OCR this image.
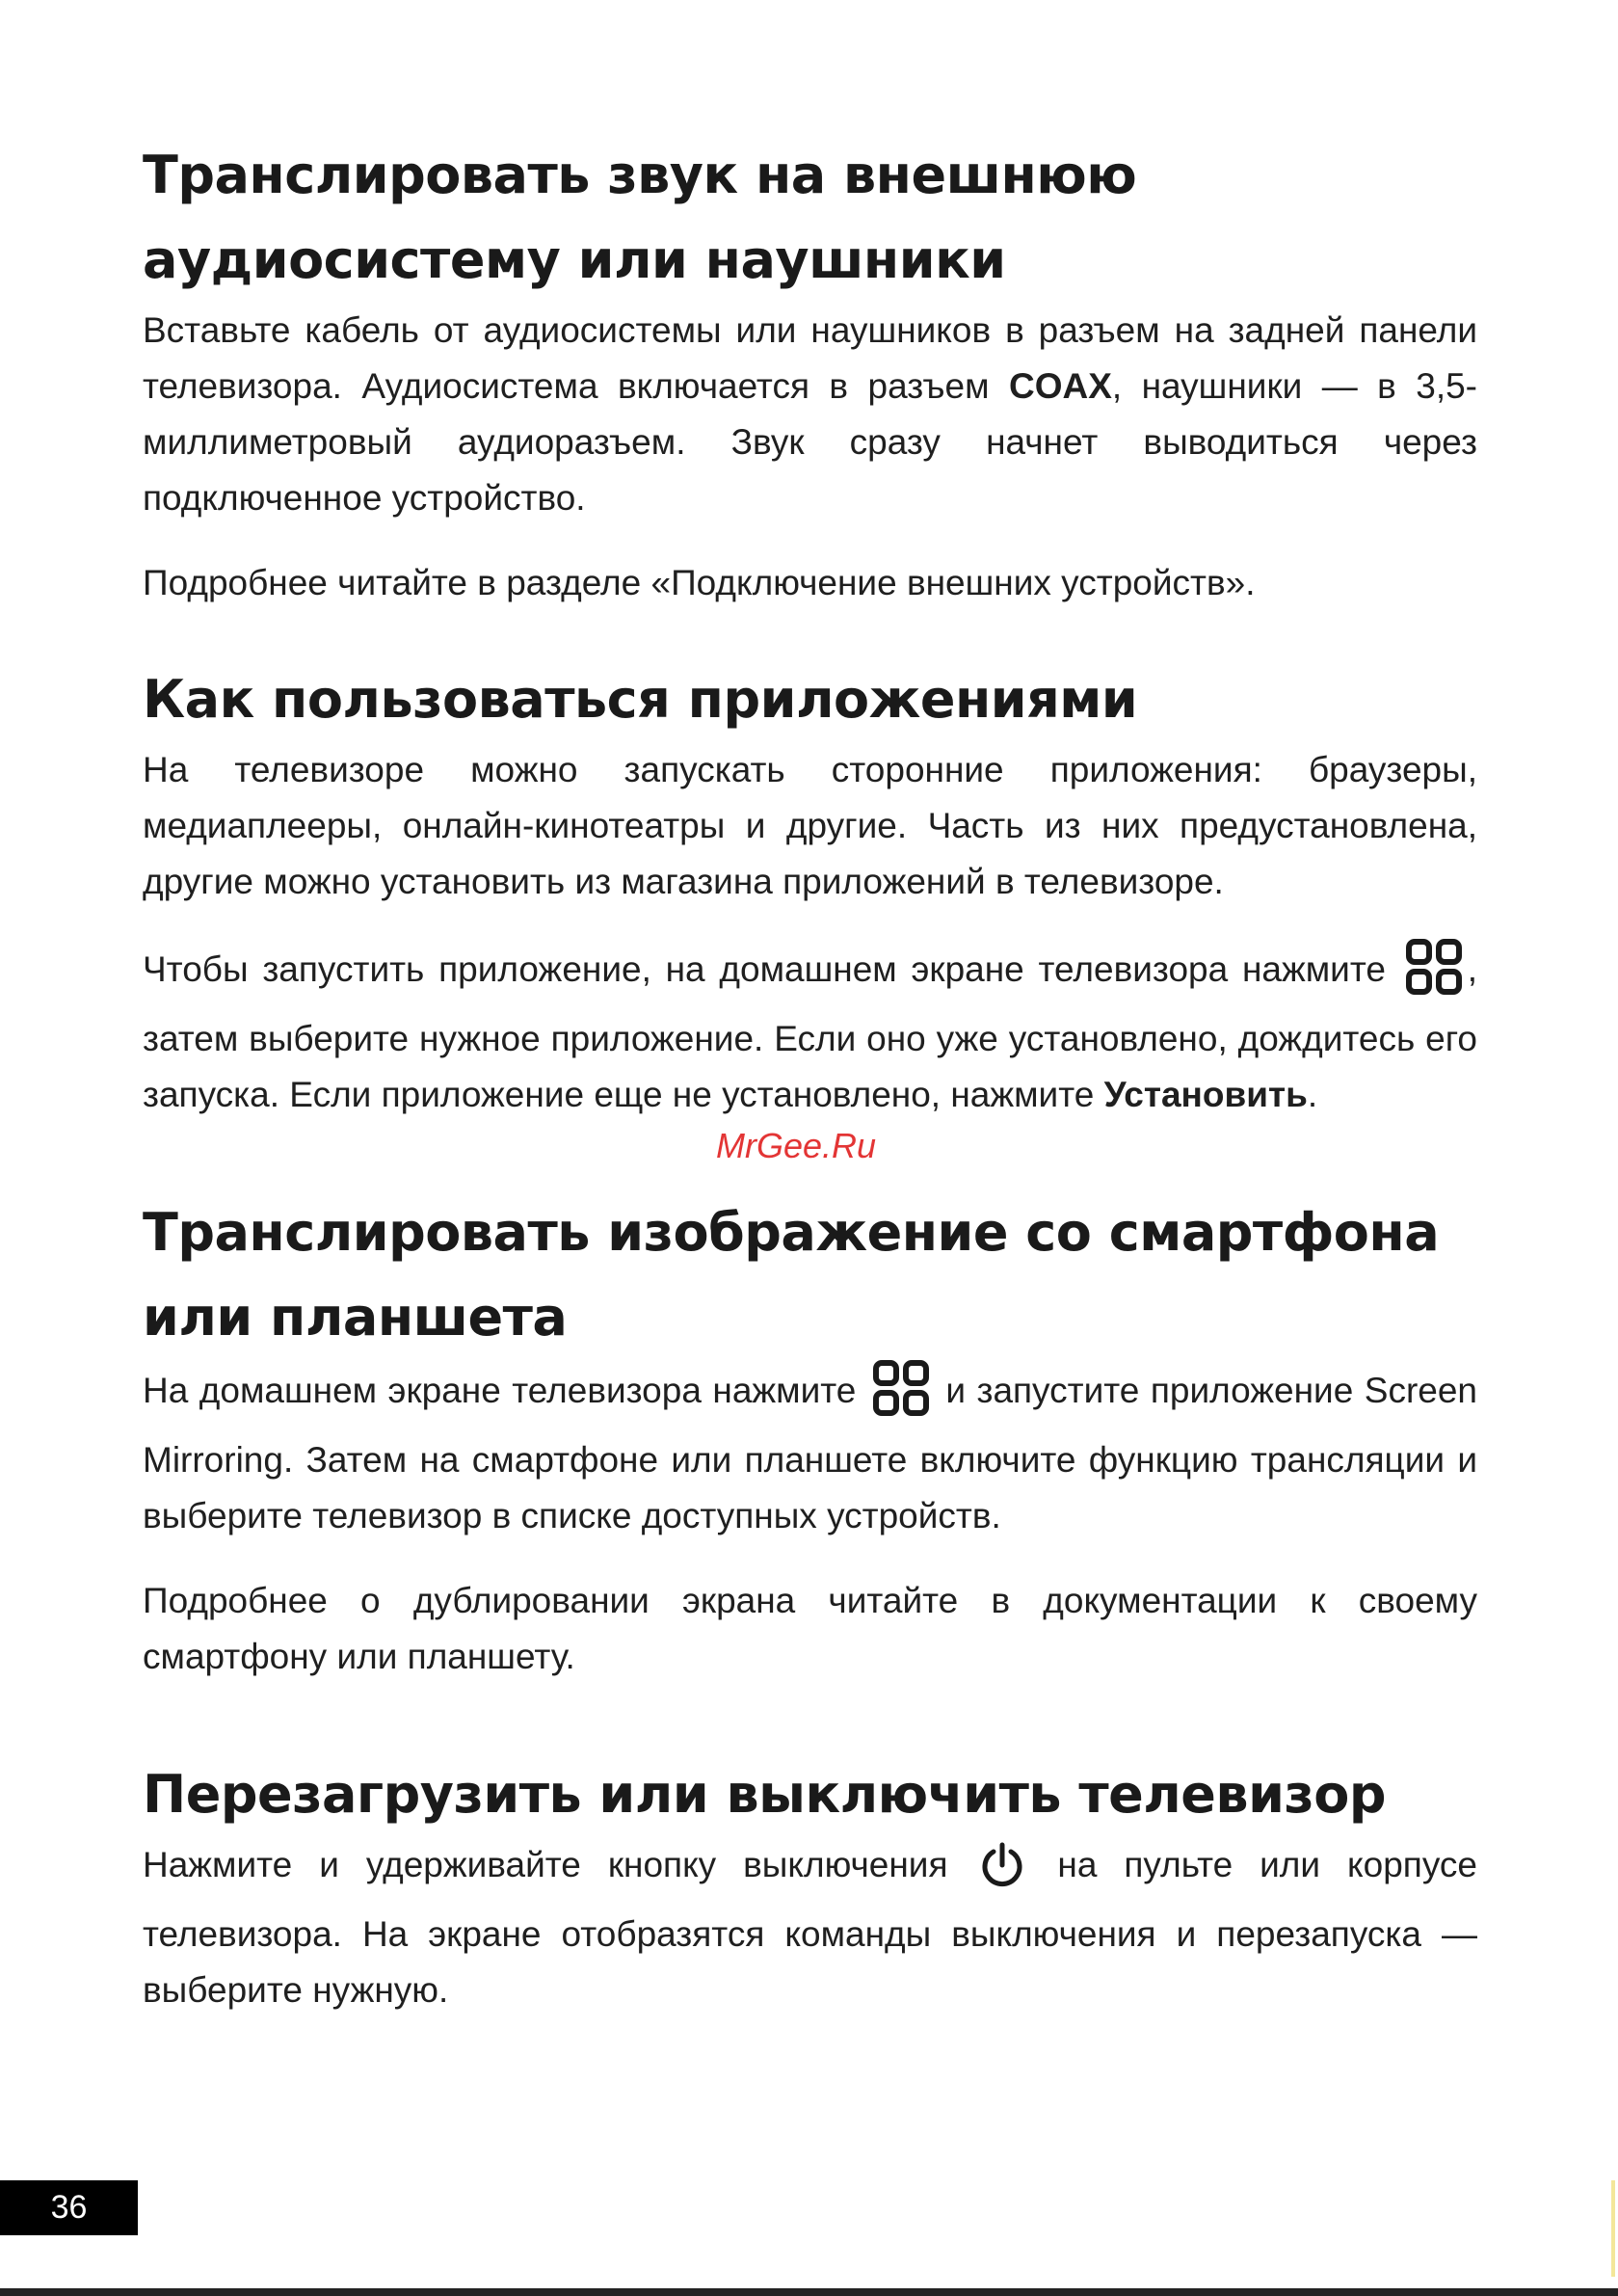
Транслировать звук на внешнюю аудиосистему или наушники

Вставьте кабель от аудиосистемы или наушников в разъем на задней панели телевизора. Аудиосистема включается в разъем COAX, наушники — в 3,5-миллиметровый аудиоразъем. Звук сразу начнет выводиться через подключенное устройство.

Подробнее читайте в разделе «Подключение внешних устройств».

Как пользоваться приложениями

На телевизоре можно запускать сторонние приложения: браузеры, медиаплееры, онлайн-кинотеатры и другие. Часть из них предустановлена, другие можно установить из магазина приложений в телевизоре.

Чтобы запустить приложение, на домашнем экране телевизора нажмите , затем выберите нужное приложение. Если оно уже установлено, дождитесь его запуска. Если приложение еще не установлено, нажмите Установить.

Транслировать изображение со смартфона или планшета

На домашнем экране телевизора нажмите  и запустите приложение Screen Mirroring. Затем на смартфоне или планшете включите функцию трансляции и выберите телевизор в списке доступных устройств.

Подробнее о дублировании экрана читайте в документации к своему смартфону или планшету.

Перезагрузить или выключить телевизор

Нажмите и удерживайте кнопку выключения  на пульте или корпусе телевизора. На экране отобразятся команды выключения и перезапуска — выберите нужную.

MrGee.Ru
36
